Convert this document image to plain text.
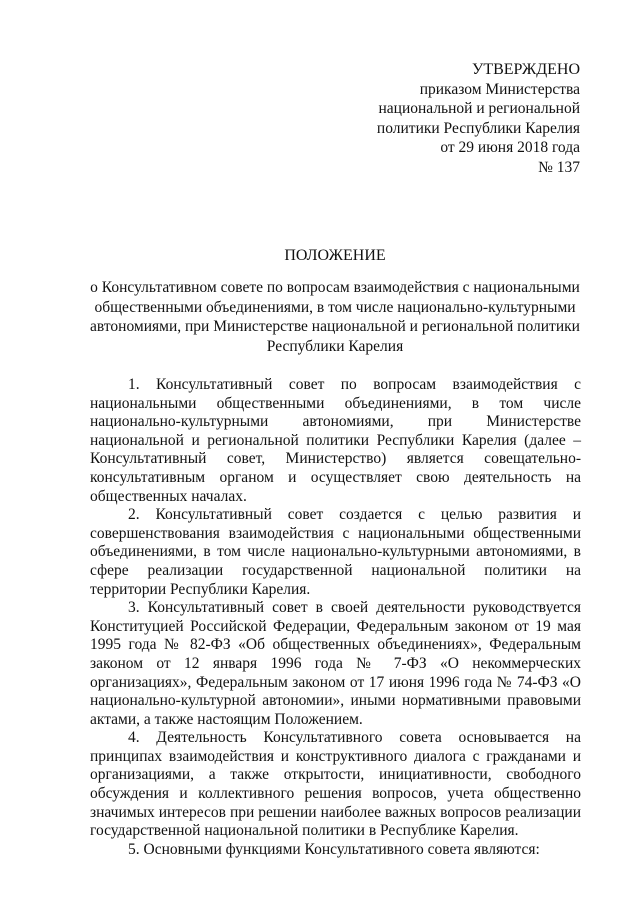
УТВЕРЖДЕНО
приказом Министерства
национальной и региональной
политики Республики Карелия
от 29 июня 2018 года
№ 137
ПОЛОЖЕНИЕ
о Консультативном совете по вопросам взаимодействия с национальными общественными объединениями, в том числе национально-культурными автономиями, при Министерстве национальной и региональной политики Республики Карелия

1. Консультативный совет по вопросам взаимодействия с национальными общественными объединениями, в том числе национально-культурными автономиями, при Министерстве национальной и региональной политики Республики Карелия (далее – Консультативный совет, Министерство) является совещательно-консультативным органом и осуществляет свою деятельность на общественных началах.

2. Консультативный совет создается с целью развития и совершенствования взаимодействия с национальными общественными объединениями, в том числе национально-культурными автономиями, в сфере реализации государственной национальной политики на территории Республики Карелия.

3. Консультативный совет в своей деятельности руководствуется Конституцией Российской Федерации, Федеральным законом от 19 мая 1995 года № 82-ФЗ «Об общественных объединениях», Федеральным законом от 12 января 1996 года № 7-ФЗ «О некоммерческих организациях», Федеральным законом от 17 июня 1996 года № 74-ФЗ «О национально-культурной автономии», иными нормативными правовыми актами, а также настоящим Положением.

4. Деятельность Консультативного совета основывается на принципах взаимодействия и конструктивного диалога с гражданами и организациями, а также открытости, инициативности, свободного обсуждения и коллективного решения вопросов, учета общественно значимых интересов при решении наиболее важных вопросов реализации государственной национальной политики в Республике Карелия.

5. Основными функциями Консультативного совета являются:
